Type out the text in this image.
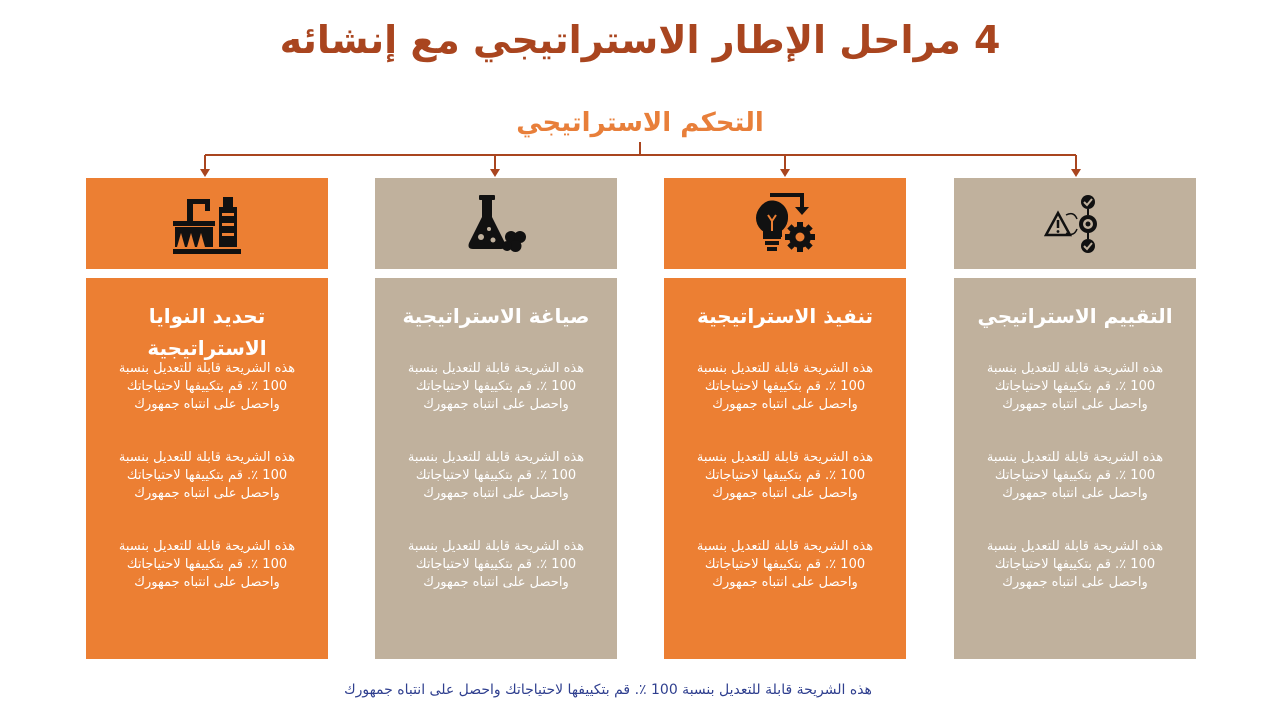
4 مراحل الإطار الاستراتيجي مع إنشائه
التحكم الاستراتيجي
تحديد النوايا الاستراتيجية
هذه الشريحة قابلة للتعديل بنسبة 100 ٪. قم بتكييفها لاحتياجاتك واحصل على انتباه جمهورك
هذه الشريحة قابلة للتعديل بنسبة 100 ٪. قم بتكييفها لاحتياجاتك واحصل على انتباه جمهورك
هذه الشريحة قابلة للتعديل بنسبة 100 ٪. قم بتكييفها لاحتياجاتك واحصل على انتباه جمهورك
صياغة الاستراتيجية
هذه الشريحة قابلة للتعديل بنسبة 100 ٪. قم بتكييفها لاحتياجاتك واحصل على انتباه جمهورك
هذه الشريحة قابلة للتعديل بنسبة 100 ٪. قم بتكييفها لاحتياجاتك واحصل على انتباه جمهورك
هذه الشريحة قابلة للتعديل بنسبة 100 ٪. قم بتكييفها لاحتياجاتك واحصل على انتباه جمهورك
تنفيذ الاستراتيجية
هذه الشريحة قابلة للتعديل بنسبة 100 ٪. قم بتكييفها لاحتياجاتك واحصل على انتباه جمهورك
هذه الشريحة قابلة للتعديل بنسبة 100 ٪. قم بتكييفها لاحتياجاتك واحصل على انتباه جمهورك
هذه الشريحة قابلة للتعديل بنسبة 100 ٪. قم بتكييفها لاحتياجاتك واحصل على انتباه جمهورك
التقييم الاستراتيجي
هذه الشريحة قابلة للتعديل بنسبة 100 ٪. قم بتكييفها لاحتياجاتك واحصل على انتباه جمهورك
هذه الشريحة قابلة للتعديل بنسبة 100 ٪. قم بتكييفها لاحتياجاتك واحصل على انتباه جمهورك
هذه الشريحة قابلة للتعديل بنسبة 100 ٪. قم بتكييفها لاحتياجاتك واحصل على انتباه جمهورك
هذه الشريحة قابلة للتعديل بنسبة 100 ٪. قم بتكييفها لاحتياجاتك واحصل على انتباه جمهورك
